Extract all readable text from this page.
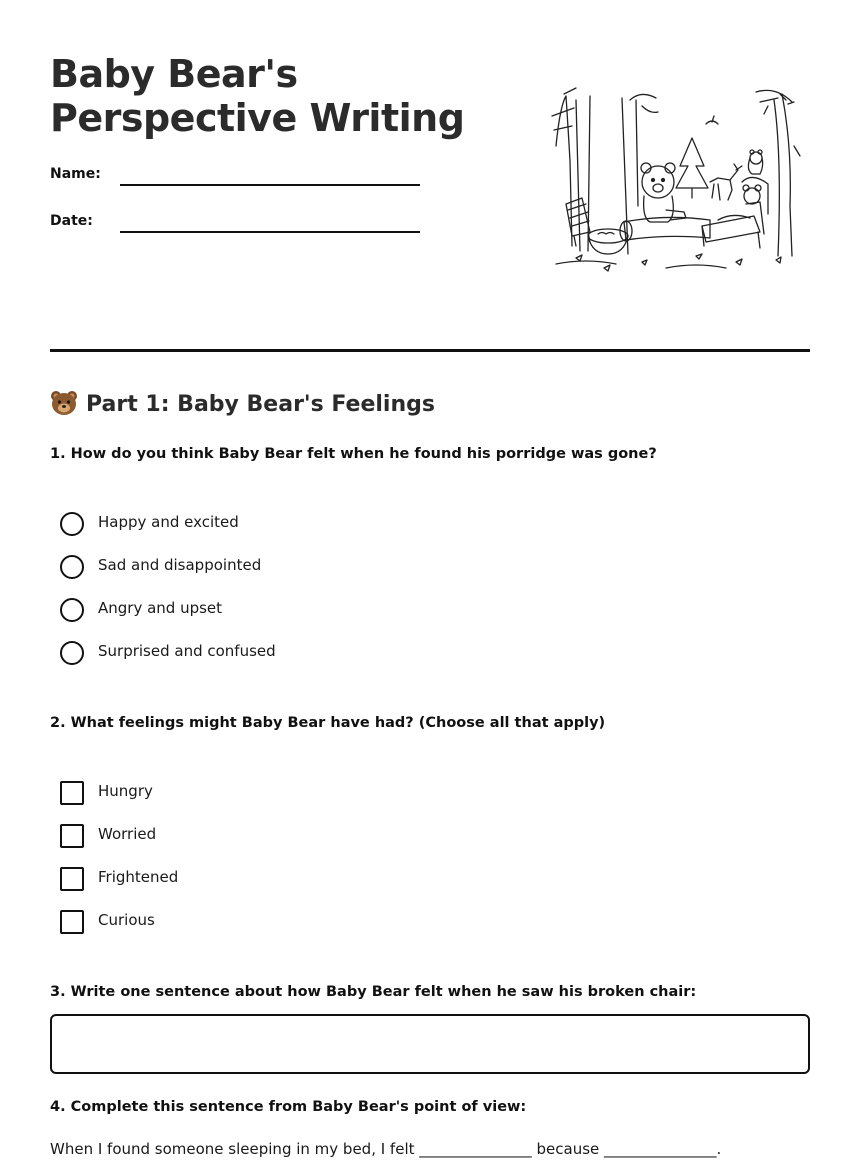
Baby Bear's Perspective Writing
Name:
Date:
Part 1: Baby Bear's Feelings
1. How do you think Baby Bear felt when he found his porridge was gone?
Happy and excited
Sad and disappointed
Angry and upset
Surprised and confused
2. What feelings might Baby Bear have had? (Choose all that apply)
Hungry
Worried
Frightened
Curious
3. Write one sentence about how Baby Bear felt when he saw his broken chair:
4. Complete this sentence from Baby Bear's point of view:
When I found someone sleeping in my bed, I felt _______________ because _______________.
